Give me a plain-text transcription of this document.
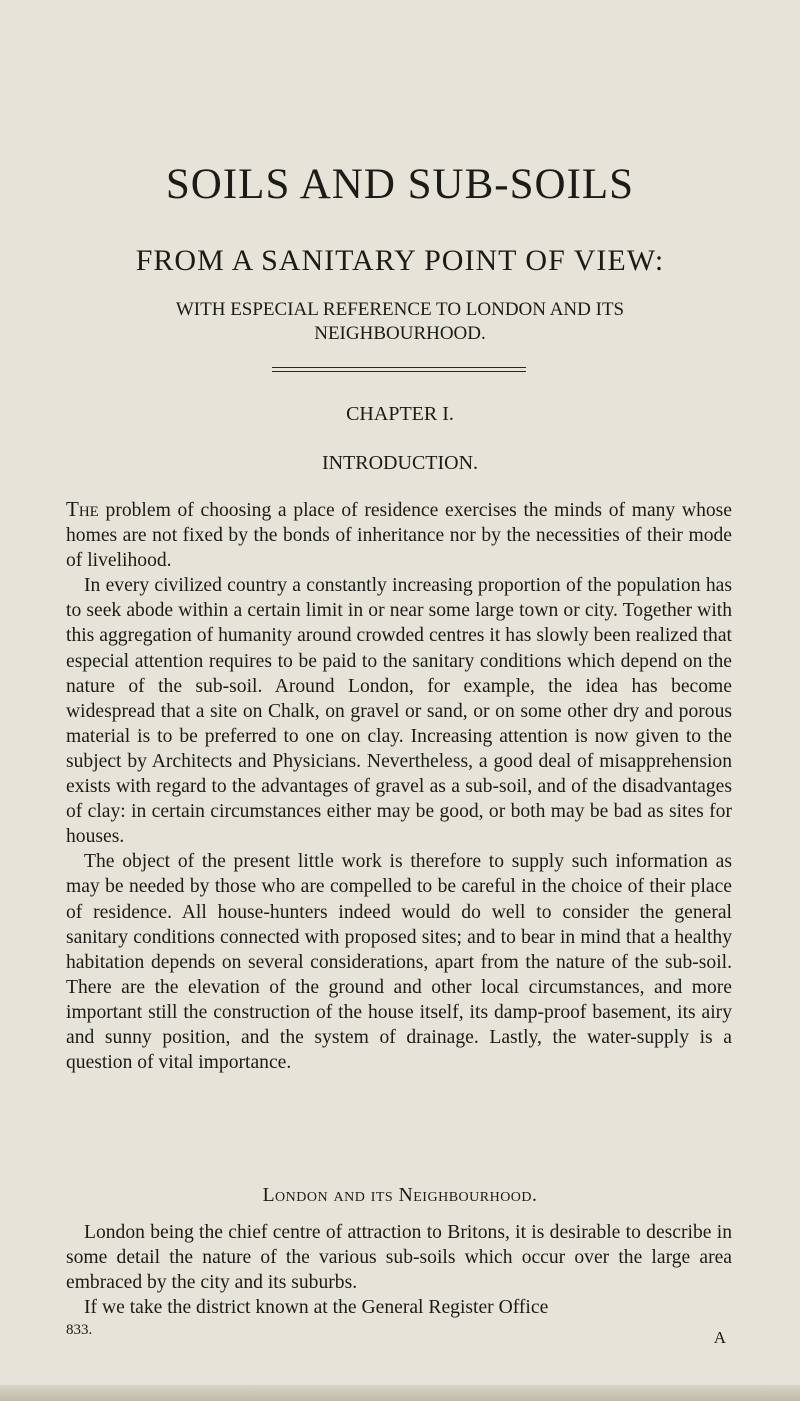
SOILS AND SUB-SOILS
FROM A SANITARY POINT OF VIEW:
WITH ESPECIAL REFERENCE TO LONDON AND ITS NEIGHBOURHOOD.
CHAPTER I.
INTRODUCTION.

The problem of choosing a place of residence exercises the minds of many whose homes are not fixed by the bonds of inheritance nor by the necessities of their mode of livelihood.

In every civilized country a constantly increasing proportion of the population has to seek abode within a certain limit in or near some large town or city. Together with this aggregation of humanity around crowded centres it has slowly been realized that especial attention requires to be paid to the sanitary conditions which depend on the nature of the sub-soil. Around London, for example, the idea has become widespread that a site on Chalk, on gravel or sand, or on some other dry and porous material is to be preferred to one on clay. Increasing attention is now given to the subject by Architects and Physicians. Nevertheless, a good deal of misapprehension exists with regard to the advantages of gravel as a sub-soil, and of the disadvantages of clay: in certain circumstances either may be good, or both may be bad as sites for houses.

The object of the present little work is therefore to supply such information as may be needed by those who are compelled to be careful in the choice of their place of residence. All house-hunters indeed would do well to consider the general sanitary conditions connected with proposed sites; and to bear in mind that a healthy habitation depends on several considerations, apart from the nature of the sub-soil. There are the elevation of the ground and other local circumstances, and more important still the construction of the house itself, its damp-proof basement, its airy and sunny position, and the system of drainage. Lastly, the water-supply is a question of vital importance.

London and its Neighbourhood.

London being the chief centre of attraction to Britons, it is desirable to describe in some detail the nature of the various sub-soils which occur over the large area embraced by the city and its suburbs.

If we take the district known at the General Register Office

833.	A
